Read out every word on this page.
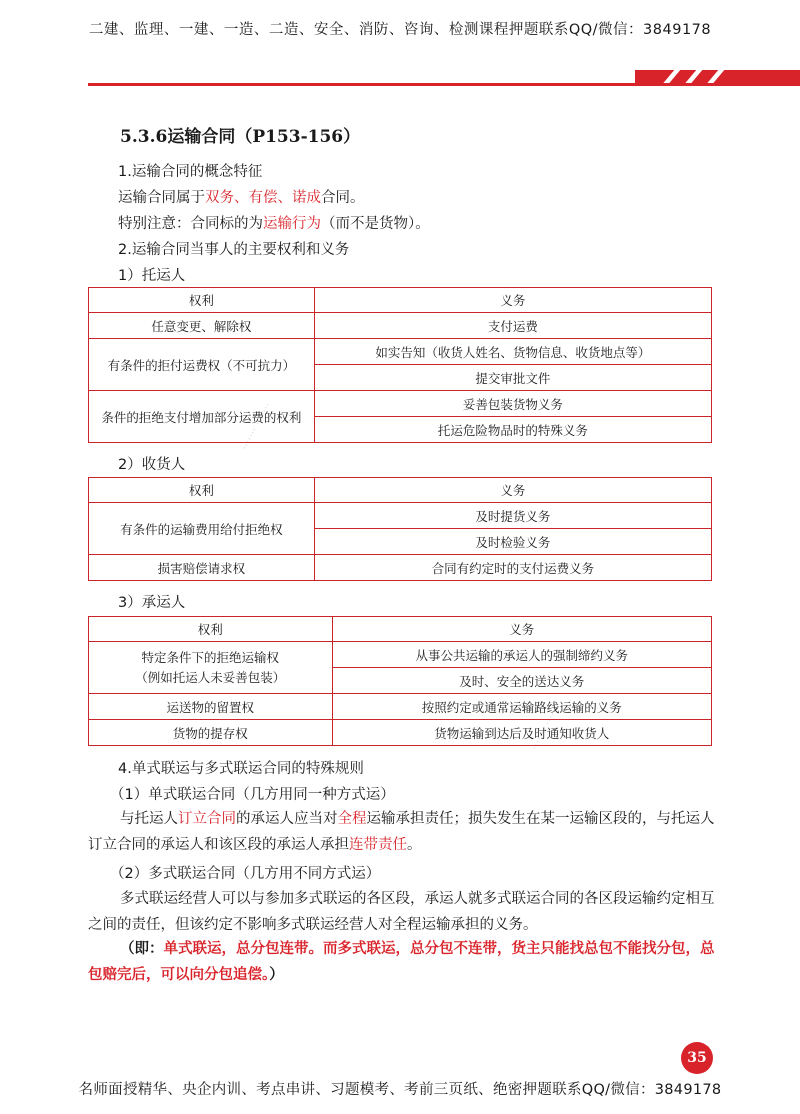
二建、监理、一建、一造、二造、安全、消防、咨询、检测课程押题联系QQ/微信：3849178
5.3.6运输合同（P153-156）
1.运输合同的概念特征
运输合同属于双务、有偿、诺成合同。
特别注意：合同标的为运输行为（而不是货物）。
2.运输合同当事人的主要权利和义务
1）托运人
权利	义务
任意变更、解除权	支付运费
有条件的拒付运费权（不可抗力）	如实告知（收货人姓名、货物信息、收货地点等）
	提交审批文件
条件的拒绝支付增加部分运费的权利	妥善包装货物义务
	托运危险物品时的特殊义务
2）收货人
权利	义务
有条件的运输费用给付拒绝权	及时提货义务
	及时检验义务
损害赔偿请求权	合同有约定时的支付运费义务
3）承运人
权利	义务

特定条件下的拒绝运输权
（例如托运人未妥善包装）	从事公共运输的承运人的强制缔约义务
	及时、安全的送达义务
运送物的留置权	按照约定或通常运输路线运输的义务
货物的提存权	货物运输到达后及时通知收货人
4.单式联运与多式联运合同的特殊规则
（1）单式联运合同（几方用同一种方式运）
与托运人订立合同的承运人应当对全程运输承担责任；损失发生在某一运输区段的，与托运人订立合同的承运人和该区段的承运人承担连带责任。
（2）多式联运合同（几方用不同方式运）
多式联运经营人可以与参加多式联运的各区段，承运人就多式联运合同的各区段运输约定相互之间的责任，但该约定不影响多式联运经营人对全程运输承担的义务。
（即：单式联运，总分包连带。而多式联运，总分包不连带，货主只能找总包不能找分包，总包赔完后，可以向分包追偿。）
······· ·······
······· ·······
35
名师面授精华、央企内训、考点串讲、习题模考、考前三页纸、绝密押题联系QQ/微信：3849178
